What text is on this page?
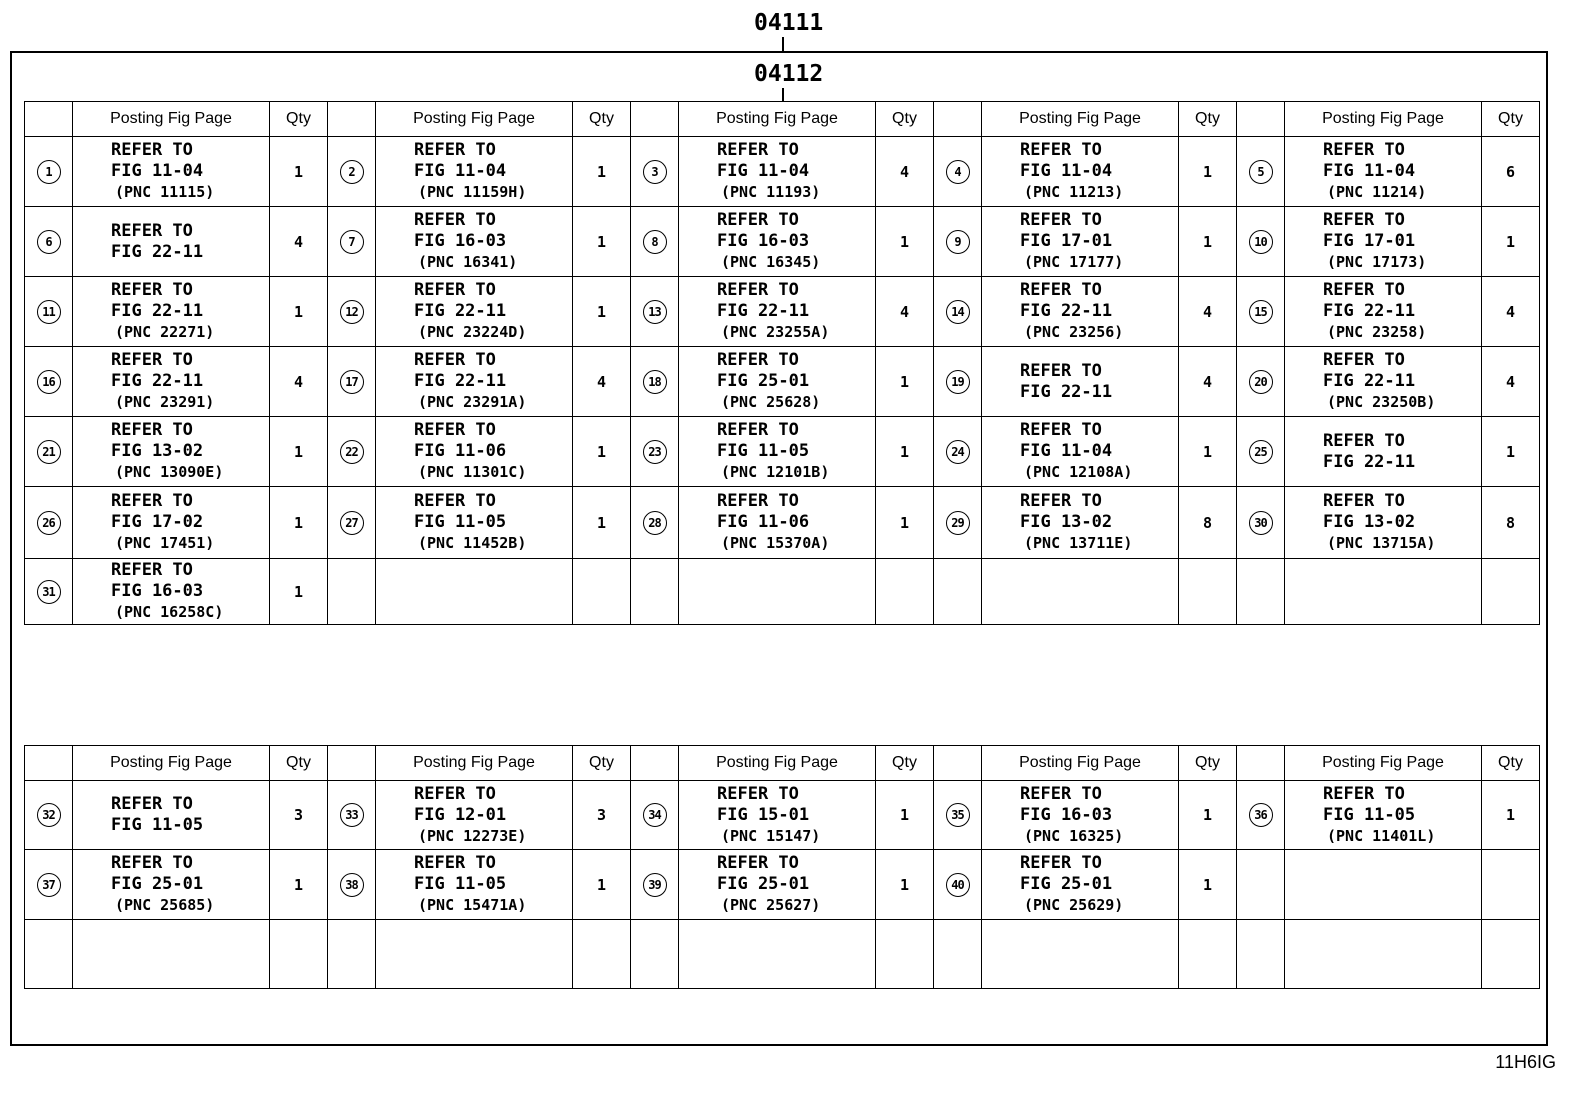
04111
04112
	Posting Fig Page	Qty		Posting Fig Page	Qty		Posting Fig Page	Qty		Posting Fig Page	Qty		Posting Fig Page	Qty
1	REFER TO
FIG 11-04
(PNC 11115)	1	2	REFER TO
FIG 11-04
(PNC 11159H)	1	3	REFER TO
FIG 11-04
(PNC 11193)	4	4	REFER TO
FIG 11-04
(PNC 11213)	1	5	REFER TO
FIG 11-04
(PNC 11214)	6
6	REFER TO
FIG 22-11	4	7	REFER TO
FIG 16-03
(PNC 16341)	1	8	REFER TO
FIG 16-03
(PNC 16345)	1	9	REFER TO
FIG 17-01
(PNC 17177)	1	10	REFER TO
FIG 17-01
(PNC 17173)	1
11	REFER TO
FIG 22-11
(PNC 22271)	1	12	REFER TO
FIG 22-11
(PNC 23224D)	1	13	REFER TO
FIG 22-11
(PNC 23255A)	4	14	REFER TO
FIG 22-11
(PNC 23256)	4	15	REFER TO
FIG 22-11
(PNC 23258)	4
16	REFER TO
FIG 22-11
(PNC 23291)	4	17	REFER TO
FIG 22-11
(PNC 23291A)	4	18	REFER TO
FIG 25-01
(PNC 25628)	1	19	REFER TO
FIG 22-11	4	20	REFER TO
FIG 22-11
(PNC 23250B)	4
21	REFER TO
FIG 13-02
(PNC 13090E)	1	22	REFER TO
FIG 11-06
(PNC 11301C)	1	23	REFER TO
FIG 11-05
(PNC 12101B)	1	24	REFER TO
FIG 11-04
(PNC 12108A)	1	25	REFER TO
FIG 22-11	1
26	REFER TO
FIG 17-02
(PNC 17451)	1	27	REFER TO
FIG 11-05
(PNC 11452B)	1	28	REFER TO
FIG 11-06
(PNC 15370A)	1	29	REFER TO
FIG 13-02
(PNC 13711E)	8	30	REFER TO
FIG 13-02
(PNC 13715A)	8
31	REFER TO
FIG 16-03
(PNC 16258C)	1												
	Posting Fig Page	Qty		Posting Fig Page	Qty		Posting Fig Page	Qty		Posting Fig Page	Qty		Posting Fig Page	Qty
32	REFER TO
FIG 11-05	3	33	REFER TO
FIG 12-01
(PNC 12273E)	3	34	REFER TO
FIG 15-01
(PNC 15147)	1	35	REFER TO
FIG 16-03
(PNC 16325)	1	36	REFER TO
FIG 11-05
(PNC 11401L)	1
37	REFER TO
FIG 25-01
(PNC 25685)	1	38	REFER TO
FIG 11-05
(PNC 15471A)	1	39	REFER TO
FIG 25-01
(PNC 25627)	1	40	REFER TO
FIG 25-01
(PNC 25629)	1			

11H6IG
